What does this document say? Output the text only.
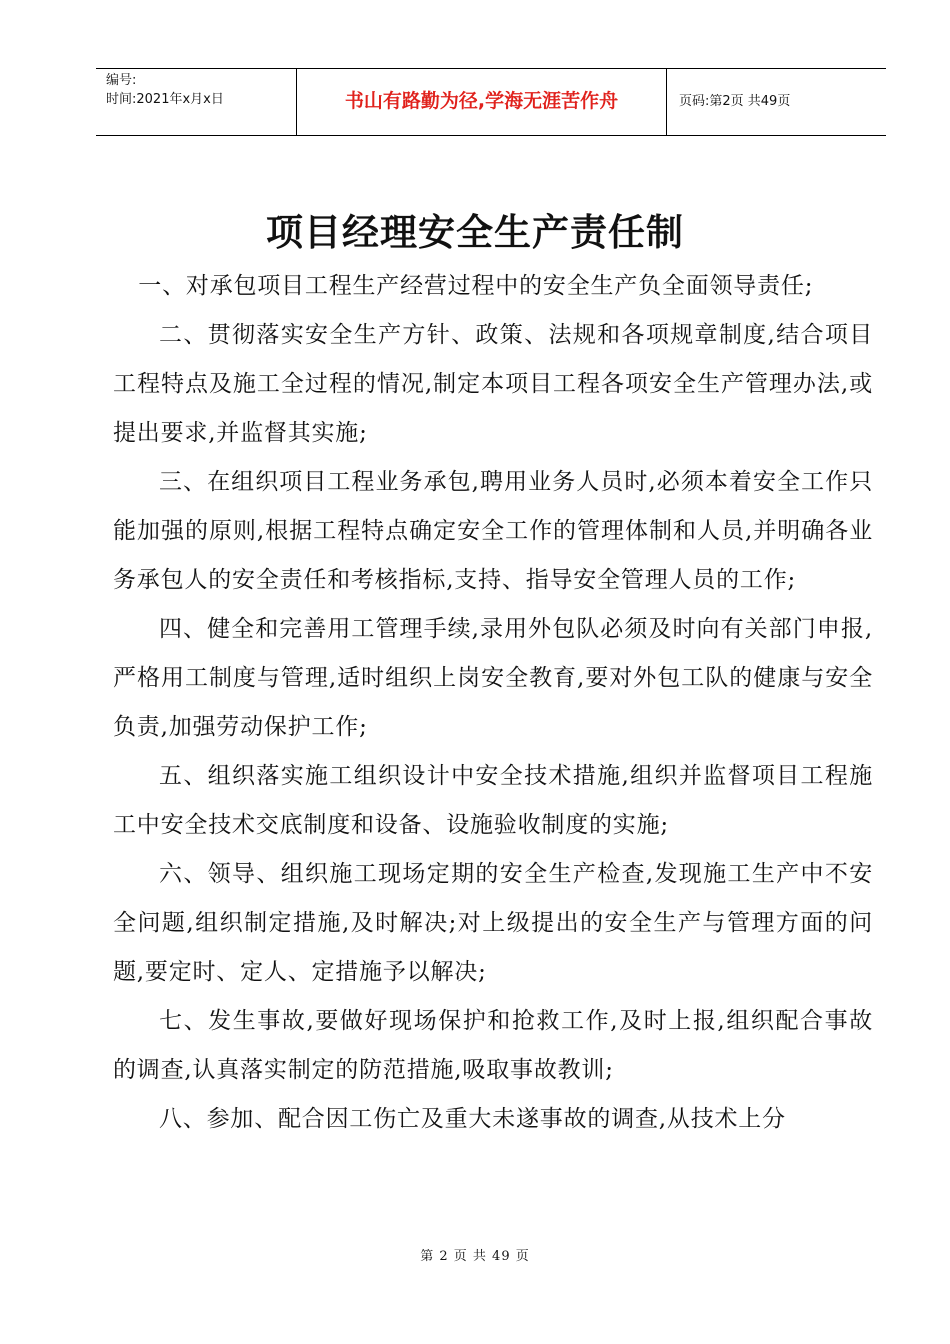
编号:
时间:2021年x月x日	书山有路勤为径,学海无涯苦作舟	页码:第2页 共49页
项目经理安全生产责任制

一、对承包项目工程生产经营过程中的安全生产负全面领导责任;

二、贯彻落实安全生产方针、政策、法规和各项规章制度,结合项目工程特点及施工全过程的情况,制定本项目工程各项安全生产管理办法,或提出要求,并监督其实施;

三、在组织项目工程业务承包,聘用业务人员时,必须本着安全工作只能加强的原则,根据工程特点确定安全工作的管理体制和人员,并明确各业务承包人的安全责任和考核指标,支持、指导安全管理人员的工作;

四、健全和完善用工管理手续,录用外包队必须及时向有关部门申报,严格用工制度与管理,适时组织上岗安全教育,要对外包工队的健康与安全负责,加强劳动保护工作;

五、组织落实施工组织设计中安全技术措施,组织并监督项目工程施工中安全技术交底制度和设备、设施验收制度的实施;

六、领导、组织施工现场定期的安全生产检查,发现施工生产中不安全问题,组织制定措施,及时解决;对上级提出的安全生产与管理方面的问题,要定时、定人、定措施予以解决;

七、发生事故,要做好现场保护和抢救工作,及时上报,组织配合事故的调查,认真落实制定的防范措施,吸取事故教训;

八、参加、配合因工伤亡及重大未遂事故的调查,从技术上分

第 2 页 共 49 页
